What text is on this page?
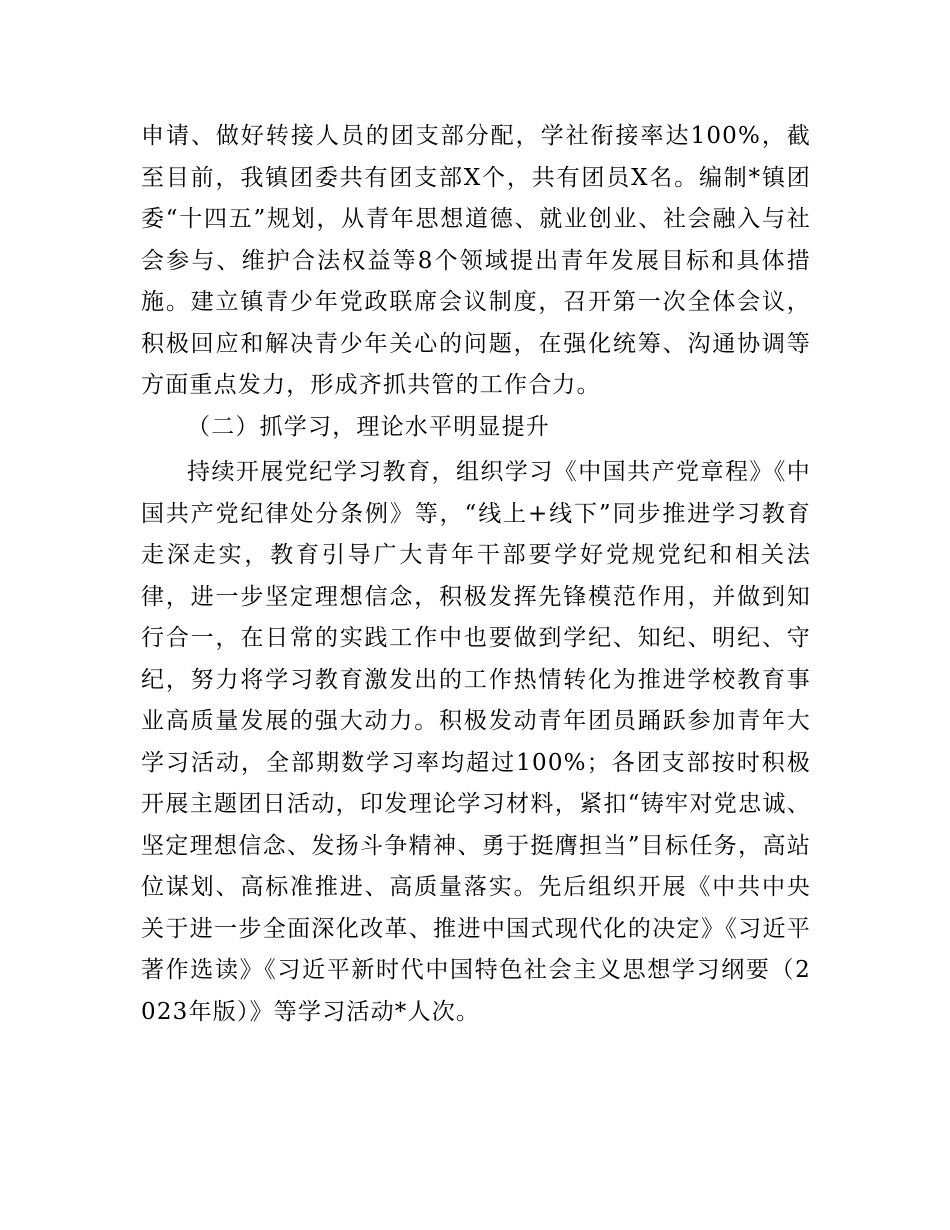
申请、做好转接人员的团支部分配，学社衔接率达100%，截至目前，我镇团委共有团支部X个，共有团员X名。编制*镇团委“十四五”规划，从青年思想道德、就业创业、社会融入与社会参与、维护合法权益等8个领域提出青年发展目标和具体措施。建立镇青少年党政联席会议制度，召开第一次全体会议，积极回应和解决青少年关心的问题，在强化统筹、沟通协调等方面重点发力，形成齐抓共管的工作合力。

（二）抓学习，理论水平明显提升

持续开展党纪学习教育，组织学习《中国共产党章程》《中国共产党纪律处分条例》等，“线上+线下”同步推进学习教育走深走实，教育引导广大青年干部要学好党规党纪和相关法律，进一步坚定理想信念，积极发挥先锋模范作用，并做到知行合一，在日常的实践工作中也要做到学纪、知纪、明纪、守纪，努力将学习教育激发出的工作热情转化为推进学校教育事业高质量发展的强大动力。积极发动青年团员踊跃参加青年大学习活动，全部期数学习率均超过100%；各团支部按时积极开展主题团日活动，印发理论学习材料，紧扣“铸牢对党忠诚、坚定理想信念、发扬斗争精神、勇于挺膺担当”目标任务，高站位谋划、高标准推进、高质量落实。先后组织开展《中共中央关于进一步全面深化改革、推进中国式现代化的决定》《习近平著作选读》《习近平新时代中国特色社会主义思想学习纲要（2023年版）》等学习活动*人次。
